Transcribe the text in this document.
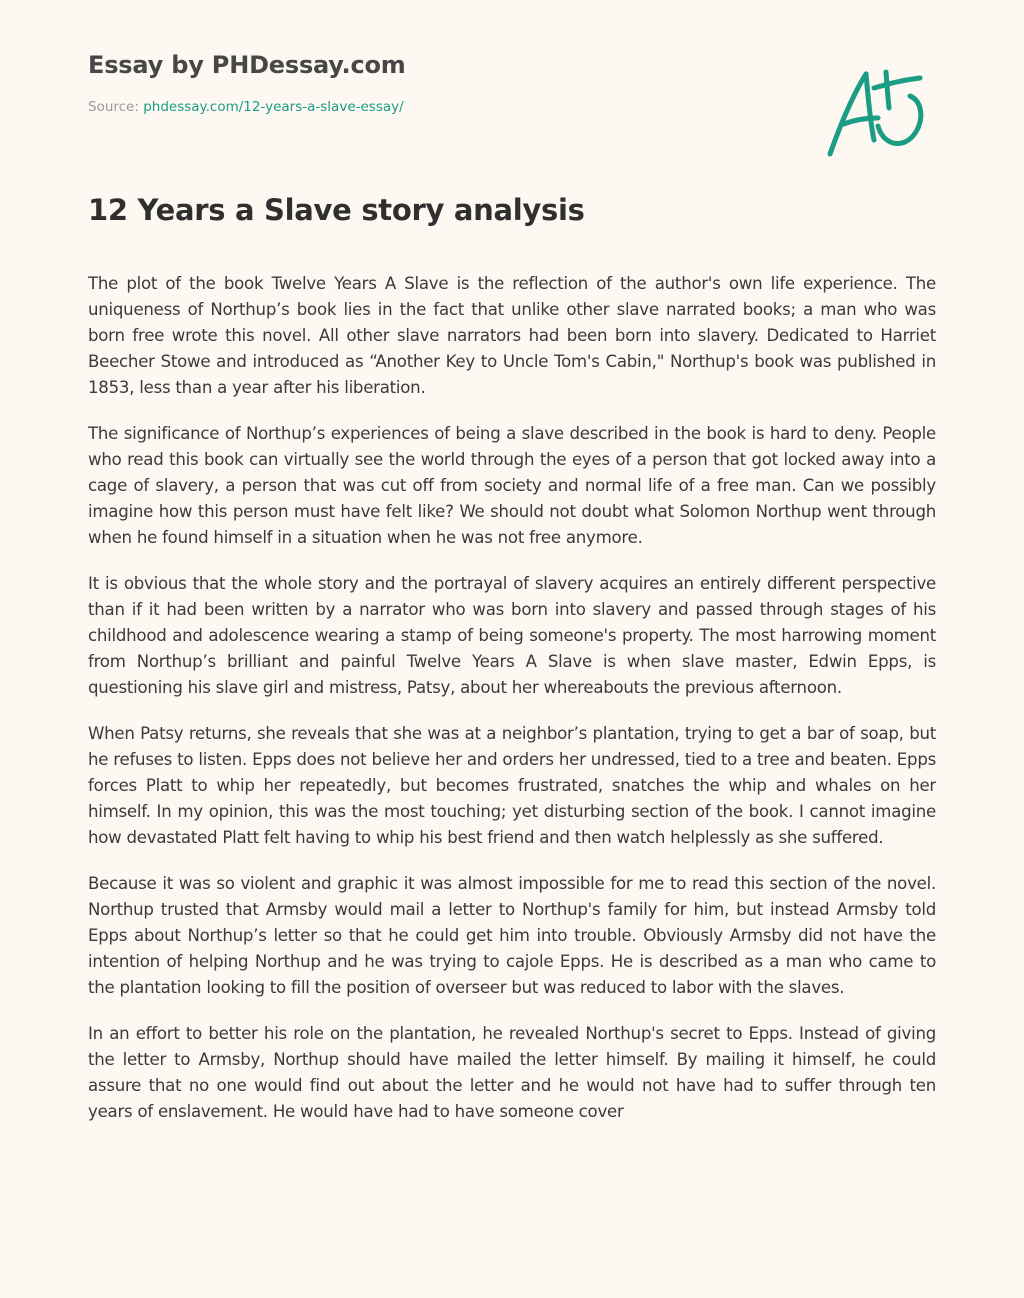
Essay by PHDessay.com
Source: phdessay.com/12-years-a-slave-essay/
12 Years a Slave story analysis

The plot of the book Twelve Years A Slave is the reflection of the author's own life experience. The uniqueness of Northup’s book lies in the fact that unlike other slave narrated books; a man who was born free wrote this novel. All other slave narrators had been born into slavery. Dedicated to Harriet Beecher Stowe and introduced as “Another Key to Uncle Tom's Cabin," Northup's book was published in 1853, less than a year after his liberation.

The significance of Northup’s experiences of being a slave described in the book is hard to deny. People who read this book can virtually see the world through the eyes of a person that got locked away into a cage of slavery, a person that was cut off from society and normal life of a free man. Can we possibly imagine how this person must have felt like? We should not doubt what Solomon Northup went through when he found himself in a situation when he was not free anymore.

It is obvious that the whole story and the portrayal of slavery acquires an entirely different perspective than if it had been written by a narrator who was born into slavery and passed through stages of his childhood and adolescence wearing a stamp of being someone's property. The most harrowing moment from Northup’s brilliant and painful Twelve Years A Slave is when slave master, Edwin Epps, is questioning his slave girl and mistress, Patsy, about her whereabouts the previous afternoon.

When Patsy returns, she reveals that she was at a neighbor’s plantation, trying to get a bar of soap, but he refuses to listen. Epps does not believe her and orders her undressed, tied to a tree and beaten. Epps forces Platt to whip her repeatedly, but becomes frustrated, snatches the whip and whales on her himself. In my opinion, this was the most touching; yet disturbing section of the book. I cannot imagine how devastated Platt felt having to whip his best friend and then watch helplessly as she suffered.

Because it was so violent and graphic it was almost impossible for me to read this section of the novel. Northup trusted that Armsby would mail a letter to Northup's family for him, but instead Armsby told Epps about Northup’s letter so that he could get him into trouble. Obviously Armsby did not have the intention of helping Northup and he was trying to cajole Epps. He is described as a man who came to the plantation looking to fill the position of overseer but was reduced to labor with the slaves.

In an effort to better his role on the plantation, he revealed Northup's secret to Epps. Instead of giving the letter to Armsby, Northup should have mailed the letter himself. By mailing it himself, he could assure that no one would find out about the letter and he would not have had to suffer through ten years of enslavement. He would have had to have someone cover
